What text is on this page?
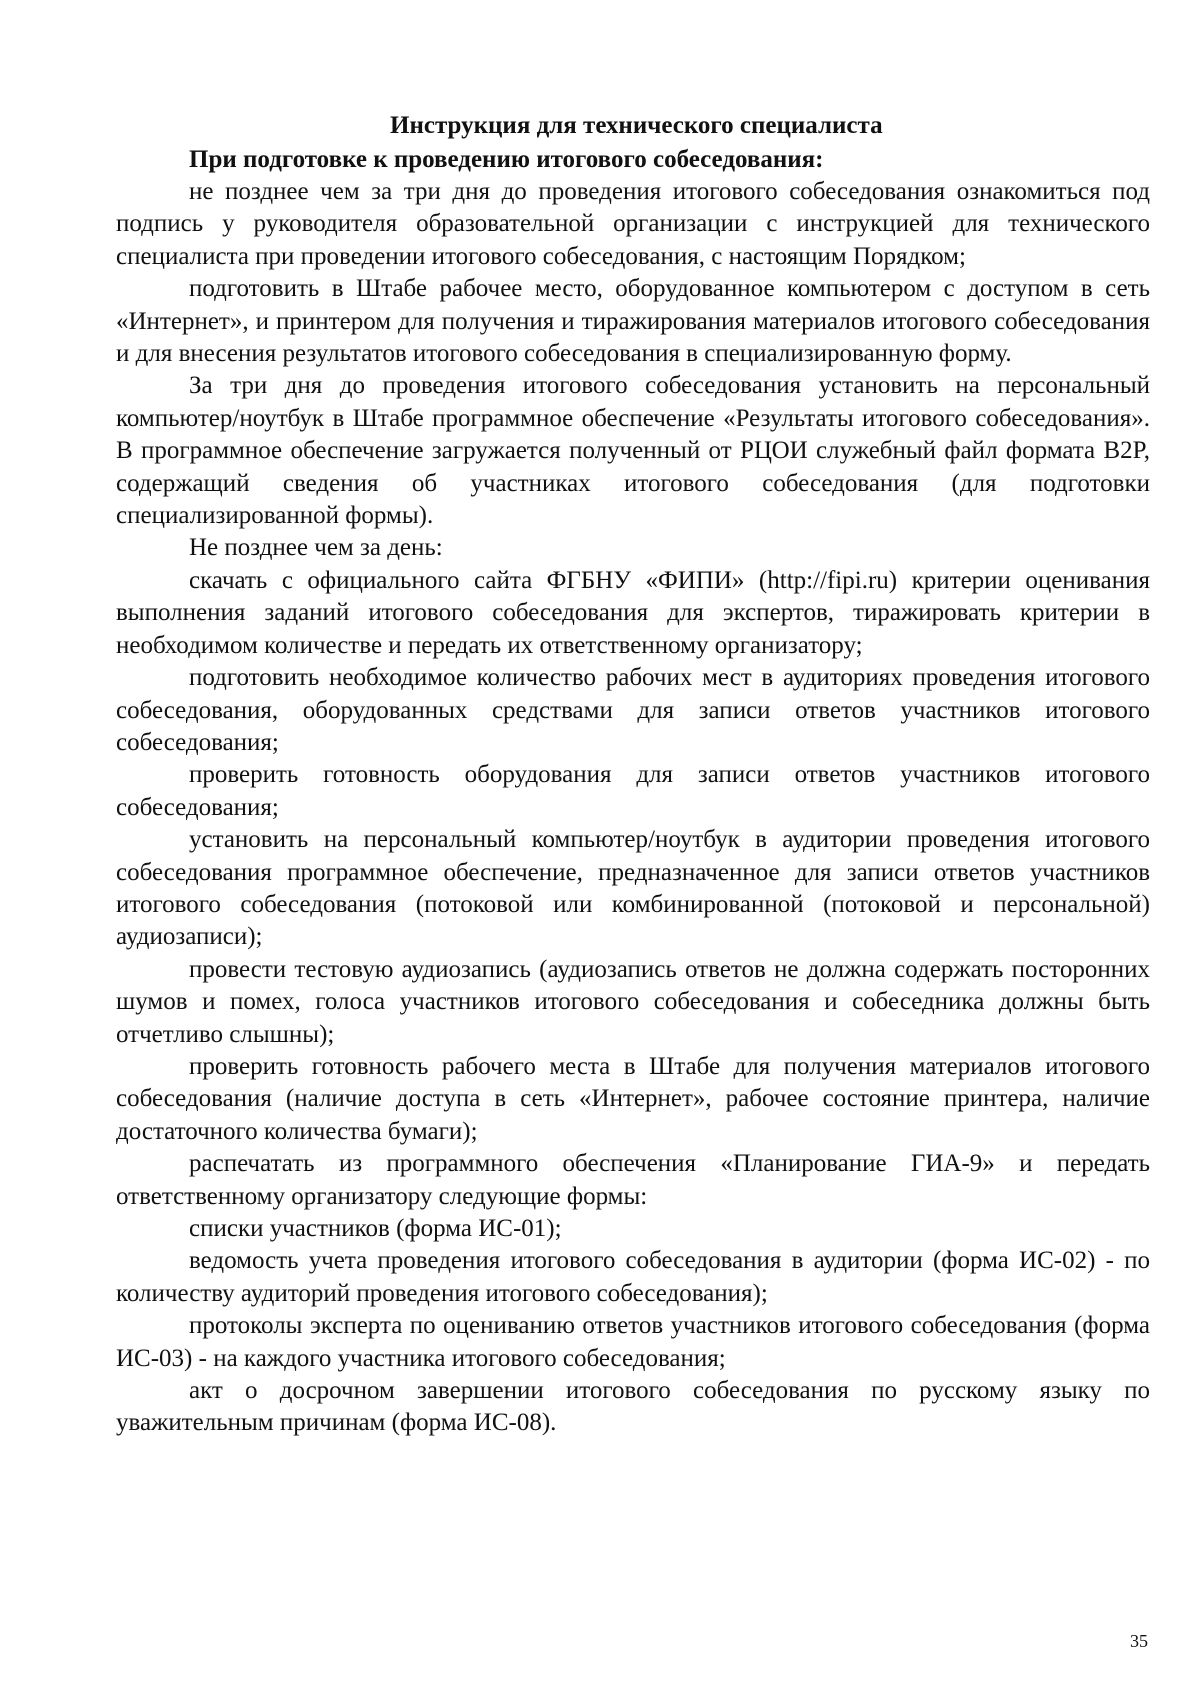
Инструкция для технического специалиста
При подготовке к проведению итогового собеседования:

не позднее чем за три дня до проведения итогового собеседования ознакомиться под подпись у руководителя образовательной организации с инструкцией для технического специалиста при проведении итогового собеседования, с настоящим Порядком;

подготовить в Штабе рабочее место, оборудованное компьютером с доступом в сеть «Интернет», и принтером для получения и тиражирования материалов итогового собеседования и для внесения результатов итогового собеседования в специализированную форму.

За три дня до проведения итогового собеседования установить на персональный компьютер/ноутбук в Штабе программное обеспечение «Результаты итогового собеседования». В программное обеспечение загружается полученный от РЦОИ служебный файл формата B2P, содержащий сведения об участниках итогового собеседования (для подготовки специализированной формы).

Не позднее чем за день:

скачать с официального сайта ФГБНУ «ФИПИ» (http://fipi.ru) критерии оценивания выполнения заданий итогового собеседования для экспертов, тиражировать критерии в необходимом количестве и передать их ответственному организатору;

подготовить необходимое количество рабочих мест в аудиториях проведения итогового собеседования, оборудованных средствами для записи ответов участников итогового собеседования;

проверить готовность оборудования для записи ответов участников итогового собеседования;

установить на персональный компьютер/ноутбук в аудитории проведения итогового собеседования программное обеспечение, предназначенное для записи ответов участников итогового собеседования (потоковой или комбинированной (потоковой и персональной) аудиозаписи);

провести тестовую аудиозапись (аудиозапись ответов не должна содержать посторонних шумов и помех, голоса участников итогового собеседования и собеседника должны быть отчетливо слышны);

проверить готовность рабочего места в Штабе для получения материалов итогового собеседования (наличие доступа в сеть «Интернет», рабочее состояние принтера, наличие достаточного количества бумаги);

распечатать из программного обеспечения «Планирование ГИА-9» и передать ответственному организатору следующие формы:

списки участников (форма ИС-01);

ведомость учета проведения итогового собеседования в аудитории (форма ИС-02) - по количеству аудиторий проведения итогового собеседования);

протоколы эксперта по оцениванию ответов участников итогового собеседования (форма ИС-03) - на каждого участника итогового собеседования;

акт о досрочном завершении итогового собеседования по русскому языку по уважительным причинам (форма ИС-08).

35
